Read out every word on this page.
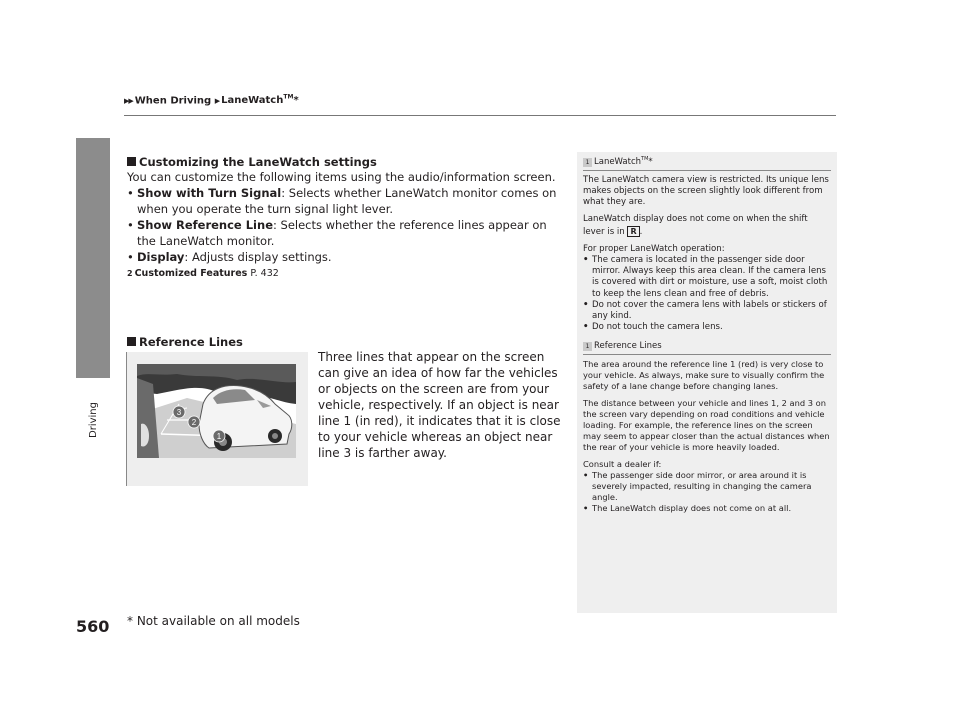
▶▶ When Driving ▶ LaneWatch™*
Driving
560 * Not available on all models
Customizing the LaneWatch settings
You can customize the following items using the audio/information screen.
• Show with Turn Signal: Selects whether LaneWatch monitor comes on when you operate the turn signal light lever.
• Show Reference Line: Selects whether the reference lines appear on the LaneWatch monitor.
• Display: Adjusts display settings.
2 Customized Features P. 432
Reference Lines
3
2
1
Three lines that appear on the screen can give an idea of how far the vehicles or objects on the screen are from your vehicle, respectively. If an object is near line 1 (in red), it indicates that it is close to your vehicle whereas an object near line 3 is farther away.
1 LaneWatch™*

The LaneWatch camera view is restricted. Its unique lens makes objects on the screen slightly look different from what they are.

LaneWatch display does not come on when the shift lever is in R .

For proper LaneWatch operation:

• The camera is located in the passenger side door mirror. Always keep this area clean. If the camera lens is covered with dirt or moisture, use a soft, moist cloth to keep the lens clean and free of debris.
• Do not cover the camera lens with labels or stickers of any kind.
• Do not touch the camera lens.
1 Reference Lines

The area around the reference line 1 (red) is very close to your vehicle. As always, make sure to visually confirm the safety of a lane change before changing lanes.

The distance between your vehicle and lines 1, 2 and 3 on the screen vary depending on road conditions and vehicle loading. For example, the reference lines on the screen may seem to appear closer than the actual distances when the rear of your vehicle is more heavily loaded.

Consult a dealer if:

• The passenger side door mirror, or area around it is severely impacted, resulting in changing the camera angle.
• The LaneWatch display does not come on at all.
